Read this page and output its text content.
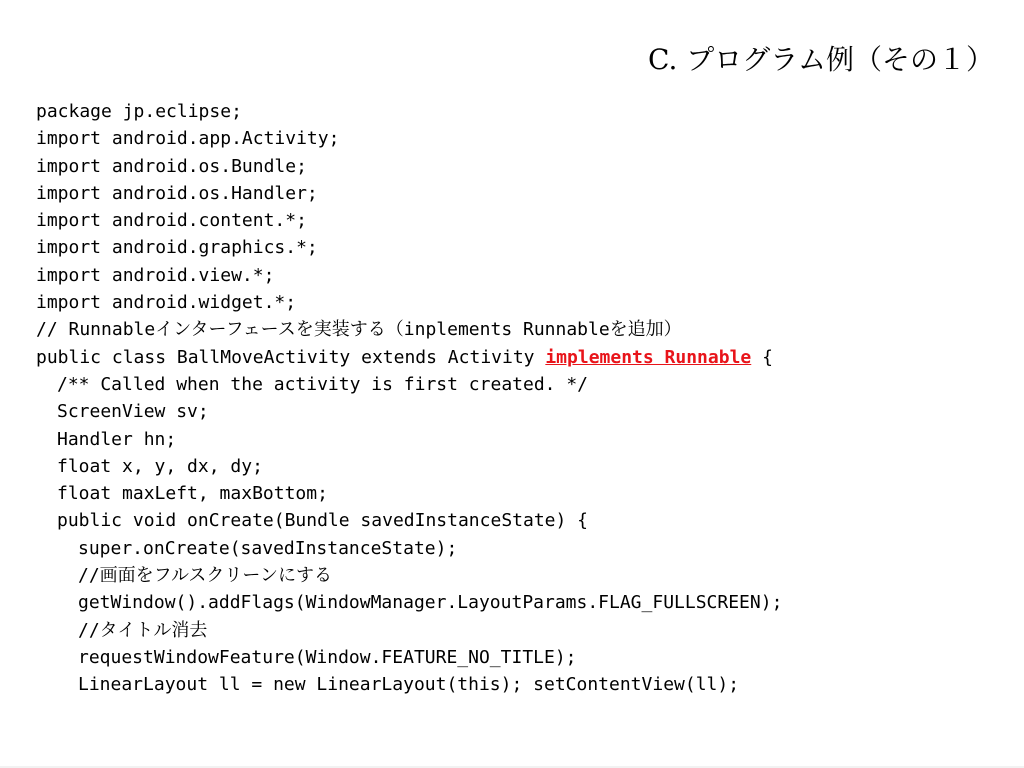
C. プログラム例（その１）
package jp.eclipse;
import android.app.Activity;
import android.os.Bundle;
import android.os.Handler;
import android.content.*;
import android.graphics.*;
import android.view.*;
import android.widget.*;
// Runnableインターフェースを実装する（inplements Runnableを追加）
public class BallMoveActivity extends Activity implements Runnable {
/** Called when the activity is first created. */
ScreenView sv;
Handler hn;
float x, y, dx, dy;
float maxLeft, maxBottom;
public void onCreate(Bundle savedInstanceState) {
super.onCreate(savedInstanceState);
//画面をフルスクリーンにする
getWindow().addFlags(WindowManager.LayoutParams.FLAG_FULLSCREEN);
//タイトル消去
requestWindowFeature(Window.FEATURE_NO_TITLE);
LinearLayout ll = new LinearLayout(this); setContentView(ll);
